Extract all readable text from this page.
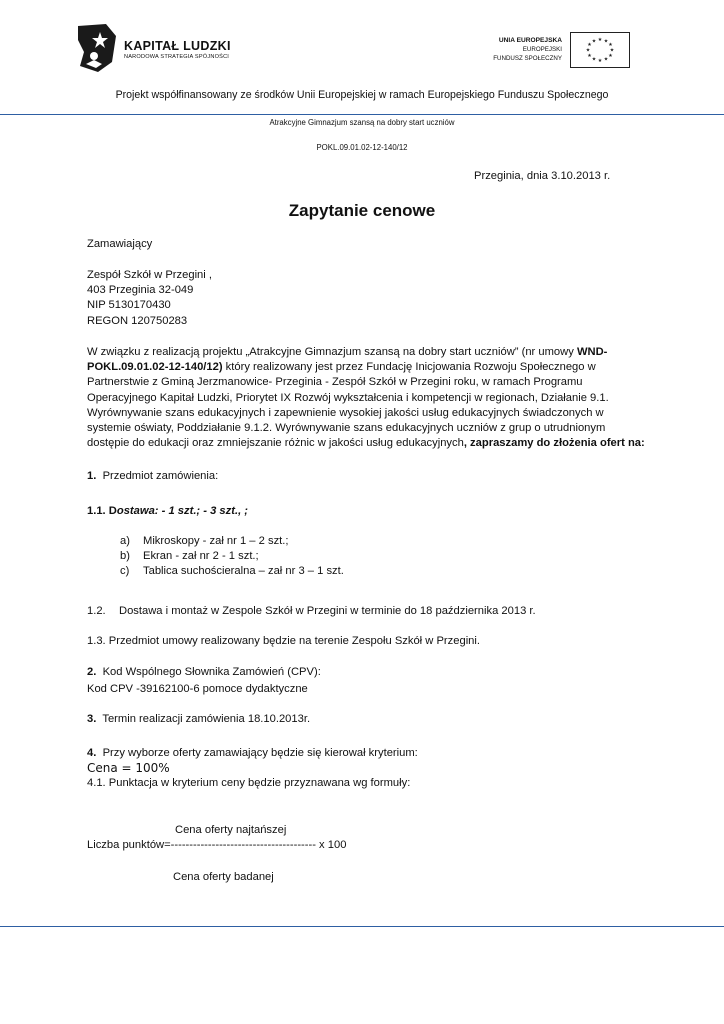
KAPITAŁ LUDZKI
NARODOWA STRATEGIA SPÓJNOŚCI
UNIA EUROPEJSKA
EUROPEJSKI
FUNDUSZ SPOŁECZNY
★ ★
★
★
★
★
★
★
★
★
★
★
Projekt współfinansowany ze środków Unii Europejskiej w ramach Europejskiego Funduszu Społecznego
Atrakcyjne Gimnazjum szansą na dobry start uczniów
POKL.09.01.02-12-140/12
Przeginia, dnia 3.10.2013 r.
Zapytanie cenowe
Zamawiający
Zespół Szkół w Przegini ,
403 Przeginia 32-049
NIP 5130170430
REGON 120750283
W związku z realizacją projektu „Atrakcyjne Gimnazjum szansą na dobry start uczniów” (nr umowy WND-
POKL.09.01.02-12-140/12) który realizowany jest przez Fundację Inicjowania Rozwoju Społecznego w
Partnerstwie z Gminą Jerzmanowice- Przeginia - Zespół Szkół w Przegini roku, w ramach Programu
Operacyjnego Kapitał Ludzki, Priorytet IX Rozwój wykształcenia i kompetencji w regionach, Działanie 9.1.
Wyrównywanie szans edukacyjnych i zapewnienie wysokiej jakości usług edukacyjnych świadczonych w
systemie oświaty, Poddziałanie 9.1.2. Wyrównywanie szans edukacyjnych uczniów z grup o utrudnionym
dostępie do edukacji oraz zmniejszanie różnic w jakości usług edukacyjnych, zapraszamy do złożenia ofert na:
1. Przedmiot zamówienia:
1.1. Dostawa: - 1 szt.; - 3 szt., ;
a) Mikroskopy - zał nr 1 – 2 szt.;
b) Ekran - zał nr 2 - 1 szt.;
c) Tablica suchościeralna – zał nr 3 – 1 szt.
1.2. Dostawa i montaż w Zespole Szkół w Przegini w terminie do 18 października 2013 r.
1.3. Przedmiot umowy realizowany będzie na terenie Zespołu Szkół w Przegini.
2. Kod Wspólnego Słownika Zamówień (CPV):
Kod CPV -39162100-6 pomoce dydaktyczne
3. Termin realizacji zamówienia 18.10.2013r.
4. Przy wyborze oferty zamawiający będzie się kierował kryterium:
Cena = 100%
4.1. Punktacja w kryterium ceny będzie przyznawana wg formuły:
Cena oferty najtańszej
Liczba punktów=--------------------------------------- x 100
Cena oferty badanej
